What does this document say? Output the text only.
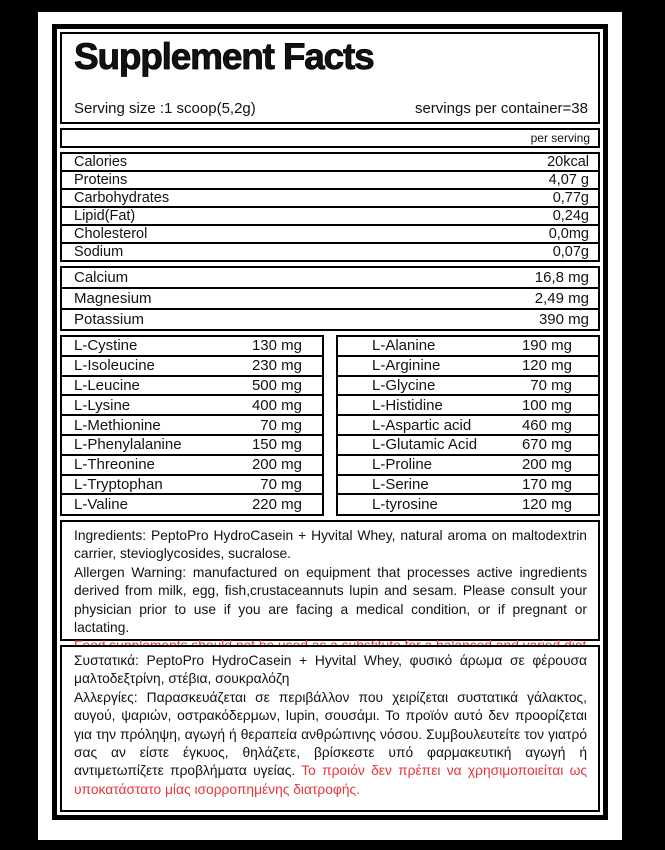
Supplement Facts
Serving size :1 scoop(5,2g)	servings per container=38
per serving
Calories	20kcal
Proteins	4,07 g
Carbohydrates	0,77g
Lipid(Fat)	0,24g
Cholesterol	0,0mg
Sodium	0,07g
Calcium	16,8 mg
Magnesium	2,49 mg
Potassium	390 mg
L-Cystine	130 mg
L-Isoleucine	230 mg
L-Leucine	500 mg
L-Lysine	400 mg
L-Methionine	70 mg
L-Phenylalanine	150 mg
L-Threonine	200 mg
L-Tryptophan	70 mg
L-Valine	220 mg
L-Alanine	190 mg
L-Arginine	120 mg
L-Glycine	70 mg
L-Histidine	100 mg
L-Aspartic acid	460 mg
L-Glutamic Acid	670 mg
L-Proline	200 mg
L-Serine	170 mg
L-tyrosine	120 mg

Ingredients: PeptoPro HydroCasein + Hyvital Whey, natural aroma on maltodextrin carrier, stevioglycosides, sucralose.

Allergen Warning: manufactured on equipment that processes active ingredients derived from milk, egg, fish,crustaceannuts lupin and sesam. Please consult your physician prior to use if you are facing a medical condition, or if pregnant or lactating.

Συστατικά: PeptoPro HydroCasein + Hyvital Whey, φυσικό άρωμα σε φέρουσα μαλτοδεξτρίνη, στέβια, σουκραλόζη

Αλλεργίες: Παρασκευάζεται σε περιβάλλον που χειρίζεται συστατικά γάλακτος, αυγού, ψαριών, οστρακόδερμων, lupin, σουσάμι. Το προϊόν αυτό δεν προορίζεται για την πρόληψη, αγωγή ή θεραπεία ανθρώπινης νόσου. Συμβουλευτείτε τον γιατρό σας αν είστε έγκυος, θηλάζετε, βρίσκεστε υπό φαρμακευτική αγωγή ή αντιμετωπίζετε προβλήματα υγείας. Το προιόν δεν πρέπει να χρησιμοποιείται ως υποκατάστατο μίας ισορροπημένης διατροφής.
